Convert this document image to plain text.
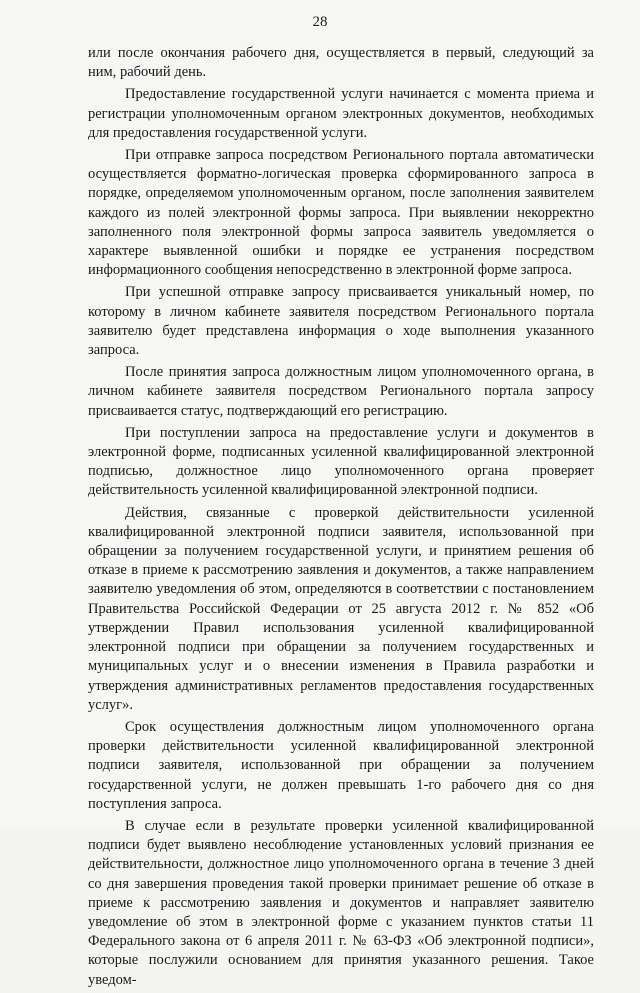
28

или после окончания рабочего дня, осуществляется в первый, следующий за ним, рабочий день.

Предоставление государственной услуги начинается с момента приема и регистрации уполномоченным органом электронных документов, необходимых для предоставления государственной услуги.

При отправке запроса посредством Регионального портала автоматически осуществляется форматно-логическая проверка сформированного запроса в порядке, определяемом уполномоченным органом, после заполнения заявителем каждого из полей электронной формы запроса. При выявлении некорректно заполненного поля электронной формы запроса заявитель уведомляется о характере выявленной ошибки и порядке ее устранения посредством информационного сообщения непосредственно в электронной форме запроса.

При успешной отправке запросу присваивается уникальный номер, по которому в личном кабинете заявителя посредством Регионального портала заявителю будет представлена информация о ходе выполнения указанного запроса.

После принятия запроса должностным лицом уполномоченного органа, в личном кабинете заявителя посредством Регионального портала запросу присваивается статус, подтверждающий его регистрацию.

При поступлении запроса на предоставление услуги и документов в электронной форме, подписанных усиленной квалифицированной электронной подписью, должностное лицо уполномоченного органа проверяет действительность усиленной квалифицированной электронной подписи.

Действия, связанные с проверкой действительности усиленной квалифицированной электронной подписи заявителя, использованной при обращении за получением государственной услуги, и принятием решения об отказе в приеме к рассмотрению заявления и документов, а также направлением заявителю уведомления об этом, определяются в соответствии с постановлением Правительства Российской Федерации от 25 августа 2012 г. № 852 «Об утверждении Правил использования усиленной квалифицированной электронной подписи при обращении за получением государственных и муниципальных услуг и о внесении изменения в Правила разработки и утверждения административных регламентов предоставления государственных услуг».

Срок осуществления должностным лицом уполномоченного органа проверки действительности усиленной квалифицированной электронной подписи заявителя, использованной при обращении за получением государственной услуги, не должен превышать 1-го рабочего дня со дня поступления запроса.

В случае если в результате проверки усиленной квалифицированной подписи будет выявлено несоблюдение установленных условий признания ее действительности, должностное лицо уполномоченного органа в течение 3 дней со дня завершения проведения такой проверки принимает решение об отказе в приеме к рассмотрению заявления и документов и направляет заявителю уведомление об этом в электронной форме с указанием пунктов статьи 11 Федерального закона от 6 апреля 2011 г. № 63-ФЗ «Об электронной подписи», которые послужили основанием для принятия указанного решения. Такое уведом-
